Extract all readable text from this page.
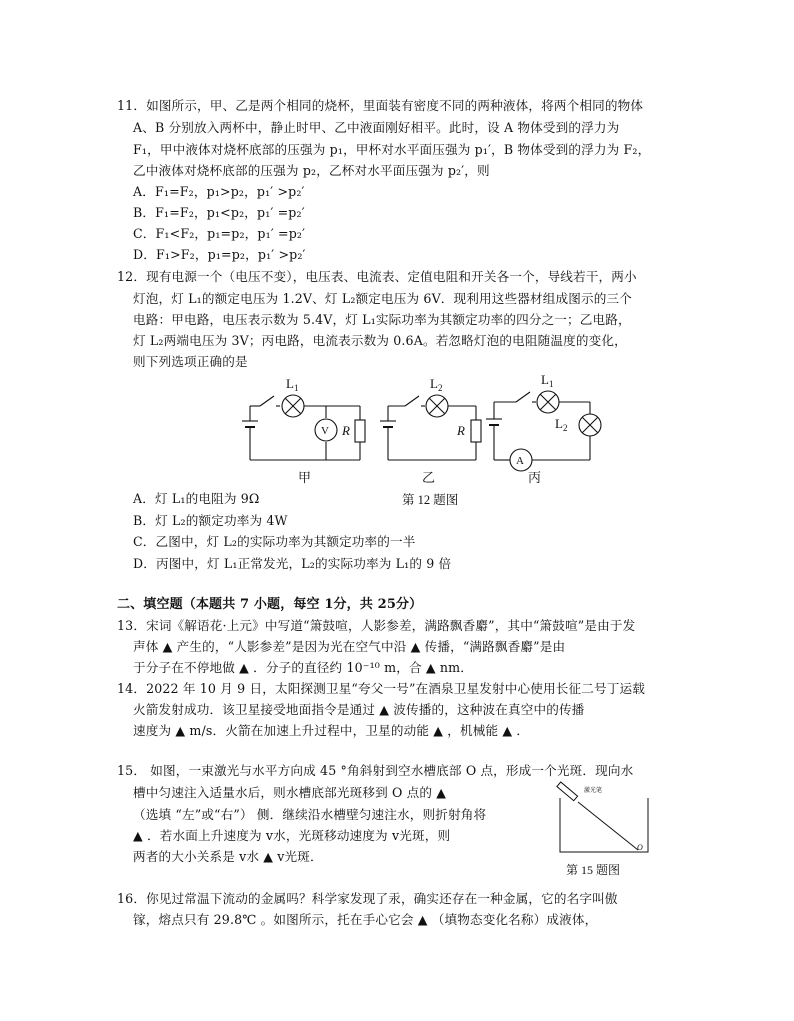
11．如图所示，甲、乙是两个相同的烧杯，里面装有密度不同的两种液体，将两个相同的物体
A、B 分别放入两杯中，静止时甲、乙中液面刚好相平。此时，设 A 物体受到的浮力为
F₁，甲中液体对烧杯底部的压强为 p₁，甲杯对水平面压强为 p₁′，B 物体受到的浮力为 F₂，
乙中液体对烧杯底部的压强为 p₂，乙杯对水平面压强为 p₂′，则
A．F₁=F₂，p₁>p₂，p₁′ >p₂′
B．F₁=F₂，p₁<p₂，p₁′ =p₂′
C．F₁<F₂，p₁=p₂，p₁′ =p₂′
D．F₁>F₂，p₁=p₂，p₁′ >p₂′
12．现有电源一个（电压不变），电压表、电流表、定值电阻和开关各一个，导线若干，两小
灯泡，灯 L₁的额定电压为 1.2V、灯 L₂额定电压为 6V．现利用这些器材组成图示的三个
电路：甲电路，电压表示数为 5.4V，灯 L₁实际功率为其额定功率的四分之一；乙电路，
灯 L₂两端电压为 3V；丙电路，电流表示数为 0.6A。若忽略灯泡的电阻随温度的变化，
则下列选项正确的是
$L_1$
V R
$L_2$
R
$L_1$
$L_2$
A
甲	乙	丙
第 12 题图
A．灯 L₁的电阻为 9Ω
B．灯 L₂的额定功率为 4W
C．乙图中，灯 L₂的实际功率为其额定功率的一半
D．丙图中，灯 L₁正常发光，L₂的实际功率为 L₁的 9 倍
二、填空题（本题共 7 小题，每空 1分，共 25分）
13．宋词《解语花·上元》中写道“箫鼓喧，人影参差，满路飘香麝”，其中“箫鼓喧”是由于发
声体 ▲ 产生的，“人影参差”是因为光在空气中沿 ▲ 传播，“满路飘香麝”是由
于分子在不停地做 ▲ ．分子的直径约 10⁻¹⁰ m，合 ▲ nm．
14．2022 年 10 月 9 日，太阳探测卫星“夸父一号”在酒泉卫星发射中心使用长征二号丁运载
火箭发射成功．该卫星接受地面指令是通过 ▲ 波传播的，这种波在真空中的传播
速度为 ▲ m/s．火箭在加速上升过程中，卫星的动能 ▲ ，机械能 ▲ ．
15． 如图，一束激光与水平方向成 45 °角斜射到空水槽底部 O 点，形成一个光斑．现向水
槽中匀速注入适量水后，则水槽底部光斑移到 O 点的 ▲
（选填 “左”或“右”） 侧．继续沿水槽壁匀速注水，则折射角将
▲ ．若水面上升速度为 v水，光斑移动速度为 v光斑，则
两者的大小关系是 v水 ▲ v光斑．
激光笔
O
第 15 题图
16．你见过常温下流动的金属吗？科学家发现了汞，确实还存在一种金属，它的名字叫傲
镓，熔点只有 29.8℃ 。如图所示，托在手心它会 ▲ （填物态变化名称）成液体，
